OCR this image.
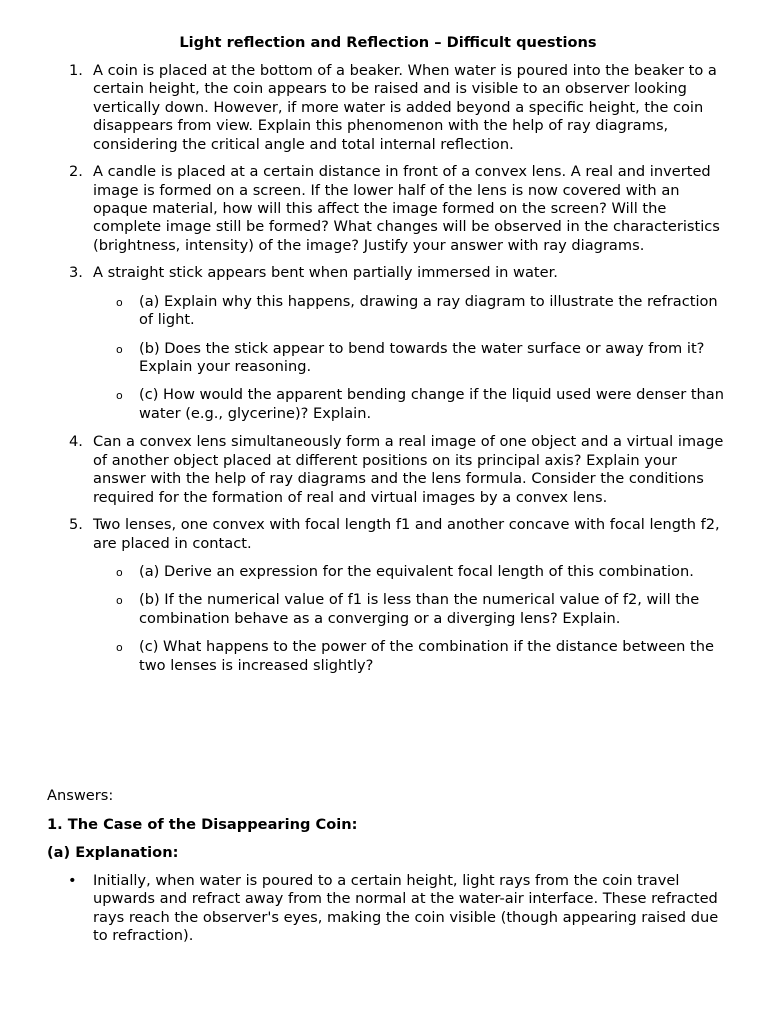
Light reflection and Reflection – Difficult questions
1. A coin is placed at the bottom of a beaker. When water is poured into the beaker to a certain height, the coin appears to be raised and is visible to an observer looking vertically down. However, if more water is added beyond a specific height, the coin disappears from view. Explain this phenomenon with the help of ray diagrams, considering the critical angle and total internal reflection.
2. A candle is placed at a certain distance in front of a convex lens. A real and inverted image is formed on a screen. If the lower half of the lens is now covered with an opaque material, how will this affect the image formed on the screen? Will the complete image still be formed? What changes will be observed in the characteristics (brightness, intensity) of the image? Justify your answer with ray diagrams.
3. A straight stick appears bent when partially immersed in water.
o (a) Explain why this happens, drawing a ray diagram to illustrate the refraction of light.
o (b) Does the stick appear to bend towards the water surface or away from it? Explain your reasoning.
o (c) How would the apparent bending change if the liquid used were denser than water (e.g., glycerine)? Explain.
4. Can a convex lens simultaneously form a real image of one object and a virtual image of another object placed at different positions on its principal axis? Explain your answer with the help of ray diagrams and the lens formula. Consider the conditions required for the formation of real and virtual images by a convex lens.
5. Two lenses, one convex with focal length f1 and another concave with focal length f2, are placed in contact.
o (a) Derive an expression for the equivalent focal length of this combination.
o (b) If the numerical value of f1 is less than the numerical value of f2, will the combination behave as a converging or a diverging lens? Explain.
o (c) What happens to the power of the combination if the distance between the two lenses is increased slightly?

Answers:

1. The Case of the Disappearing Coin:

(a) Explanation:

• Initially, when water is poured to a certain height, light rays from the coin travel upwards and refract away from the normal at the water-air interface. These refracted rays reach the observer's eyes, making the coin visible (though appearing raised due to refraction).
